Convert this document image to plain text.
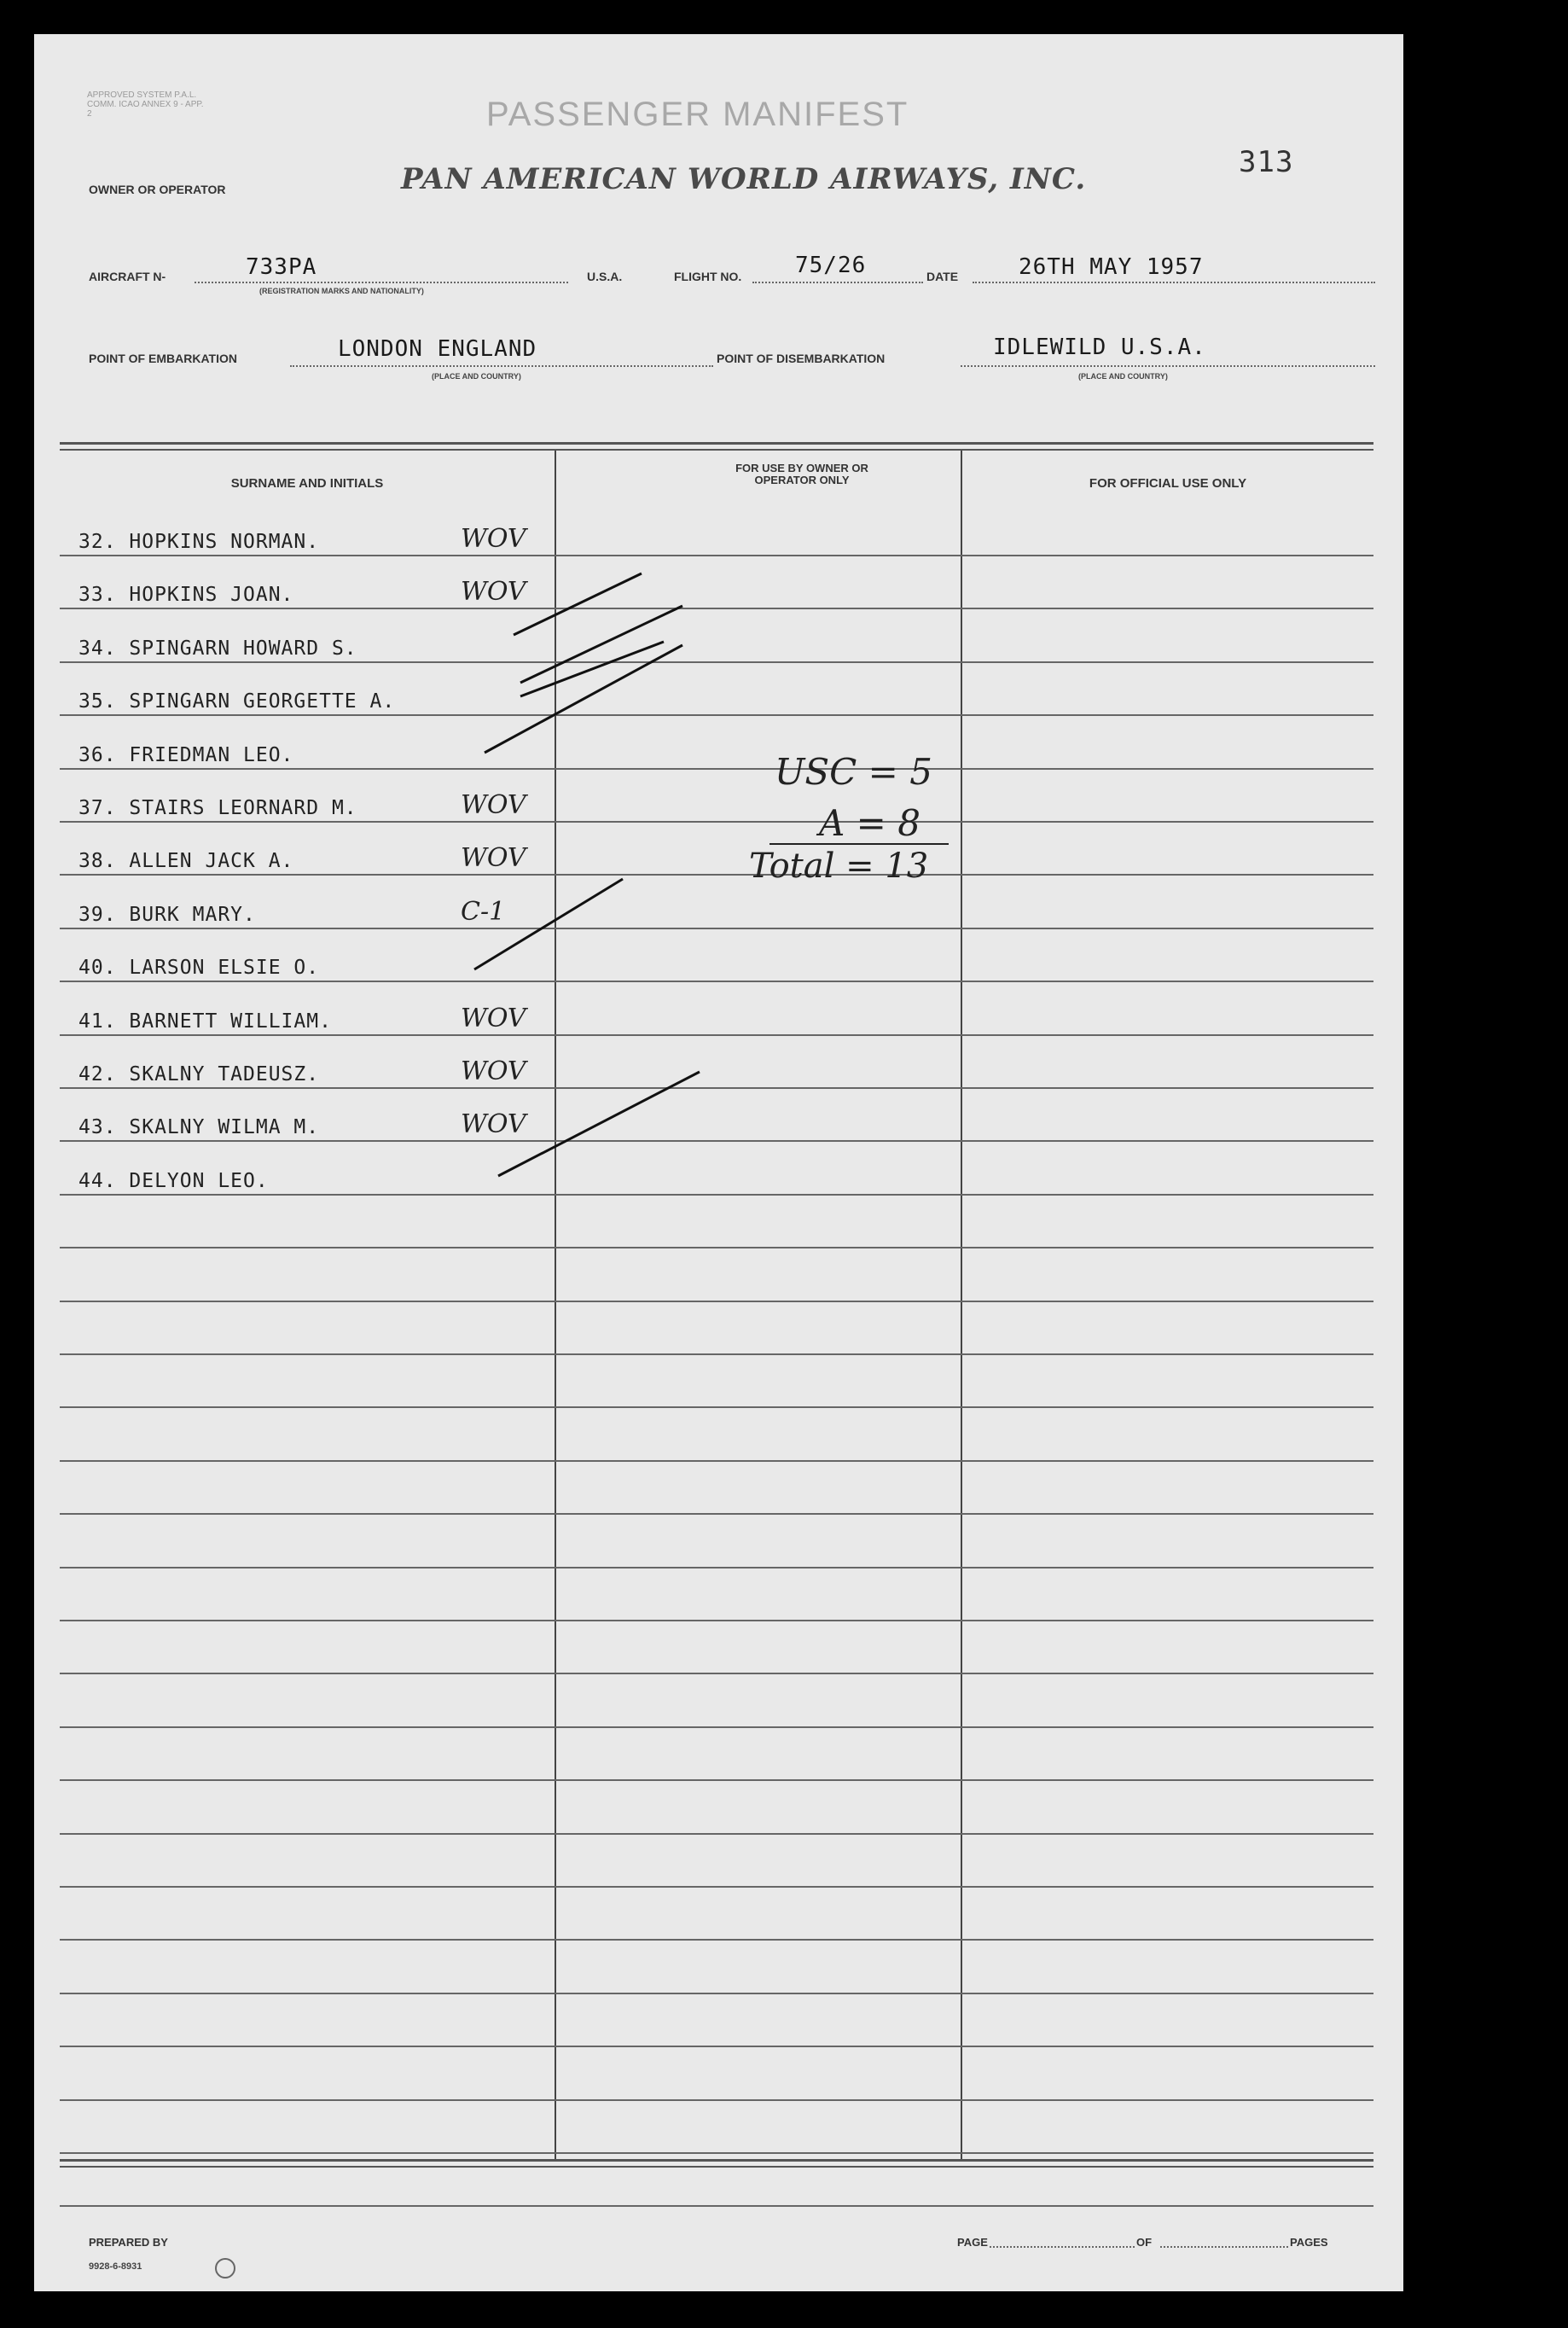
APPROVED SYSTEM P.A.L. COMM. ICAO ANNEX 9 - APP. 2	PASSENGER MANIFEST
313
OWNER OR OPERATOR	PAN AMERICAN WORLD AIRWAYS, INC.
AIRCRAFT N-	733PA
(REGISTRATION MARKS AND NATIONALITY)
U.S.A.	FLIGHT NO. 75/26	DATE	26TH MAY 1957
POINT OF EMBARKATION	LONDON ENGLAND
(PLACE AND COUNTRY)
POINT OF DISEMBARKATION	IDLEWILD U.S.A.
(PLACE AND COUNTRY)
SURNAME AND INITIALS
FOR USE BY OWNER OR OPERATOR ONLY	FOR OFFICIAL USE ONLY
32. HOPKINS NORMAN.	WOV
33. HOPKINS JOAN.	WOV
34. SPINGARN HOWARD S.
35. SPINGARN GEORGETTE A.
36. FRIEDMAN LEO.
37. STAIRS LEORNARD M.	WOV
38. ALLEN JACK A.	WOV
39. BURK MARY.	C-1
40. LARSON ELSIE O.
41. BARNETT WILLIAM.	WOV
42. SKALNY TADEUSZ.	WOV
43. SKALNY WILMA M.	WOV
44. DELYON LEO.
USC = 5
A = 8
Total = 13
PREPARED BY
9928-6-8931
PAGE	OF	PAGES
